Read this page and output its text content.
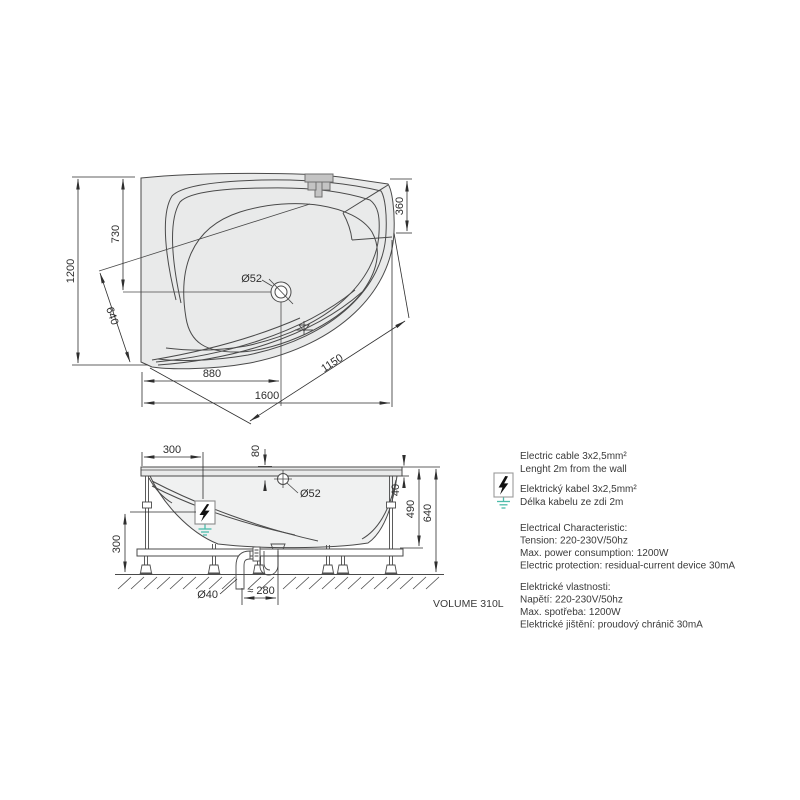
1200
730
640
360
880
1600
1150
Ø52
300	80
Ø52	40
490 640
300
Ø40	≈ 280
VOLUME 310L
Electric cable 3x2,5mm²
Lenght 2m from the wall
Elektrický kabel 3x2,5mm²
Délka kabelu ze zdi 2m
Electrical Characteristic:
Tension: 220-230V/50hz
Max. power consumption: 1200W
Electric protection: residual-current device 30mA
Elektrické vlastnosti:
Napětí: 220-230V/50hz
Max. spotřeba: 1200W
Elektrické jištění: proudový chránič 30mA
